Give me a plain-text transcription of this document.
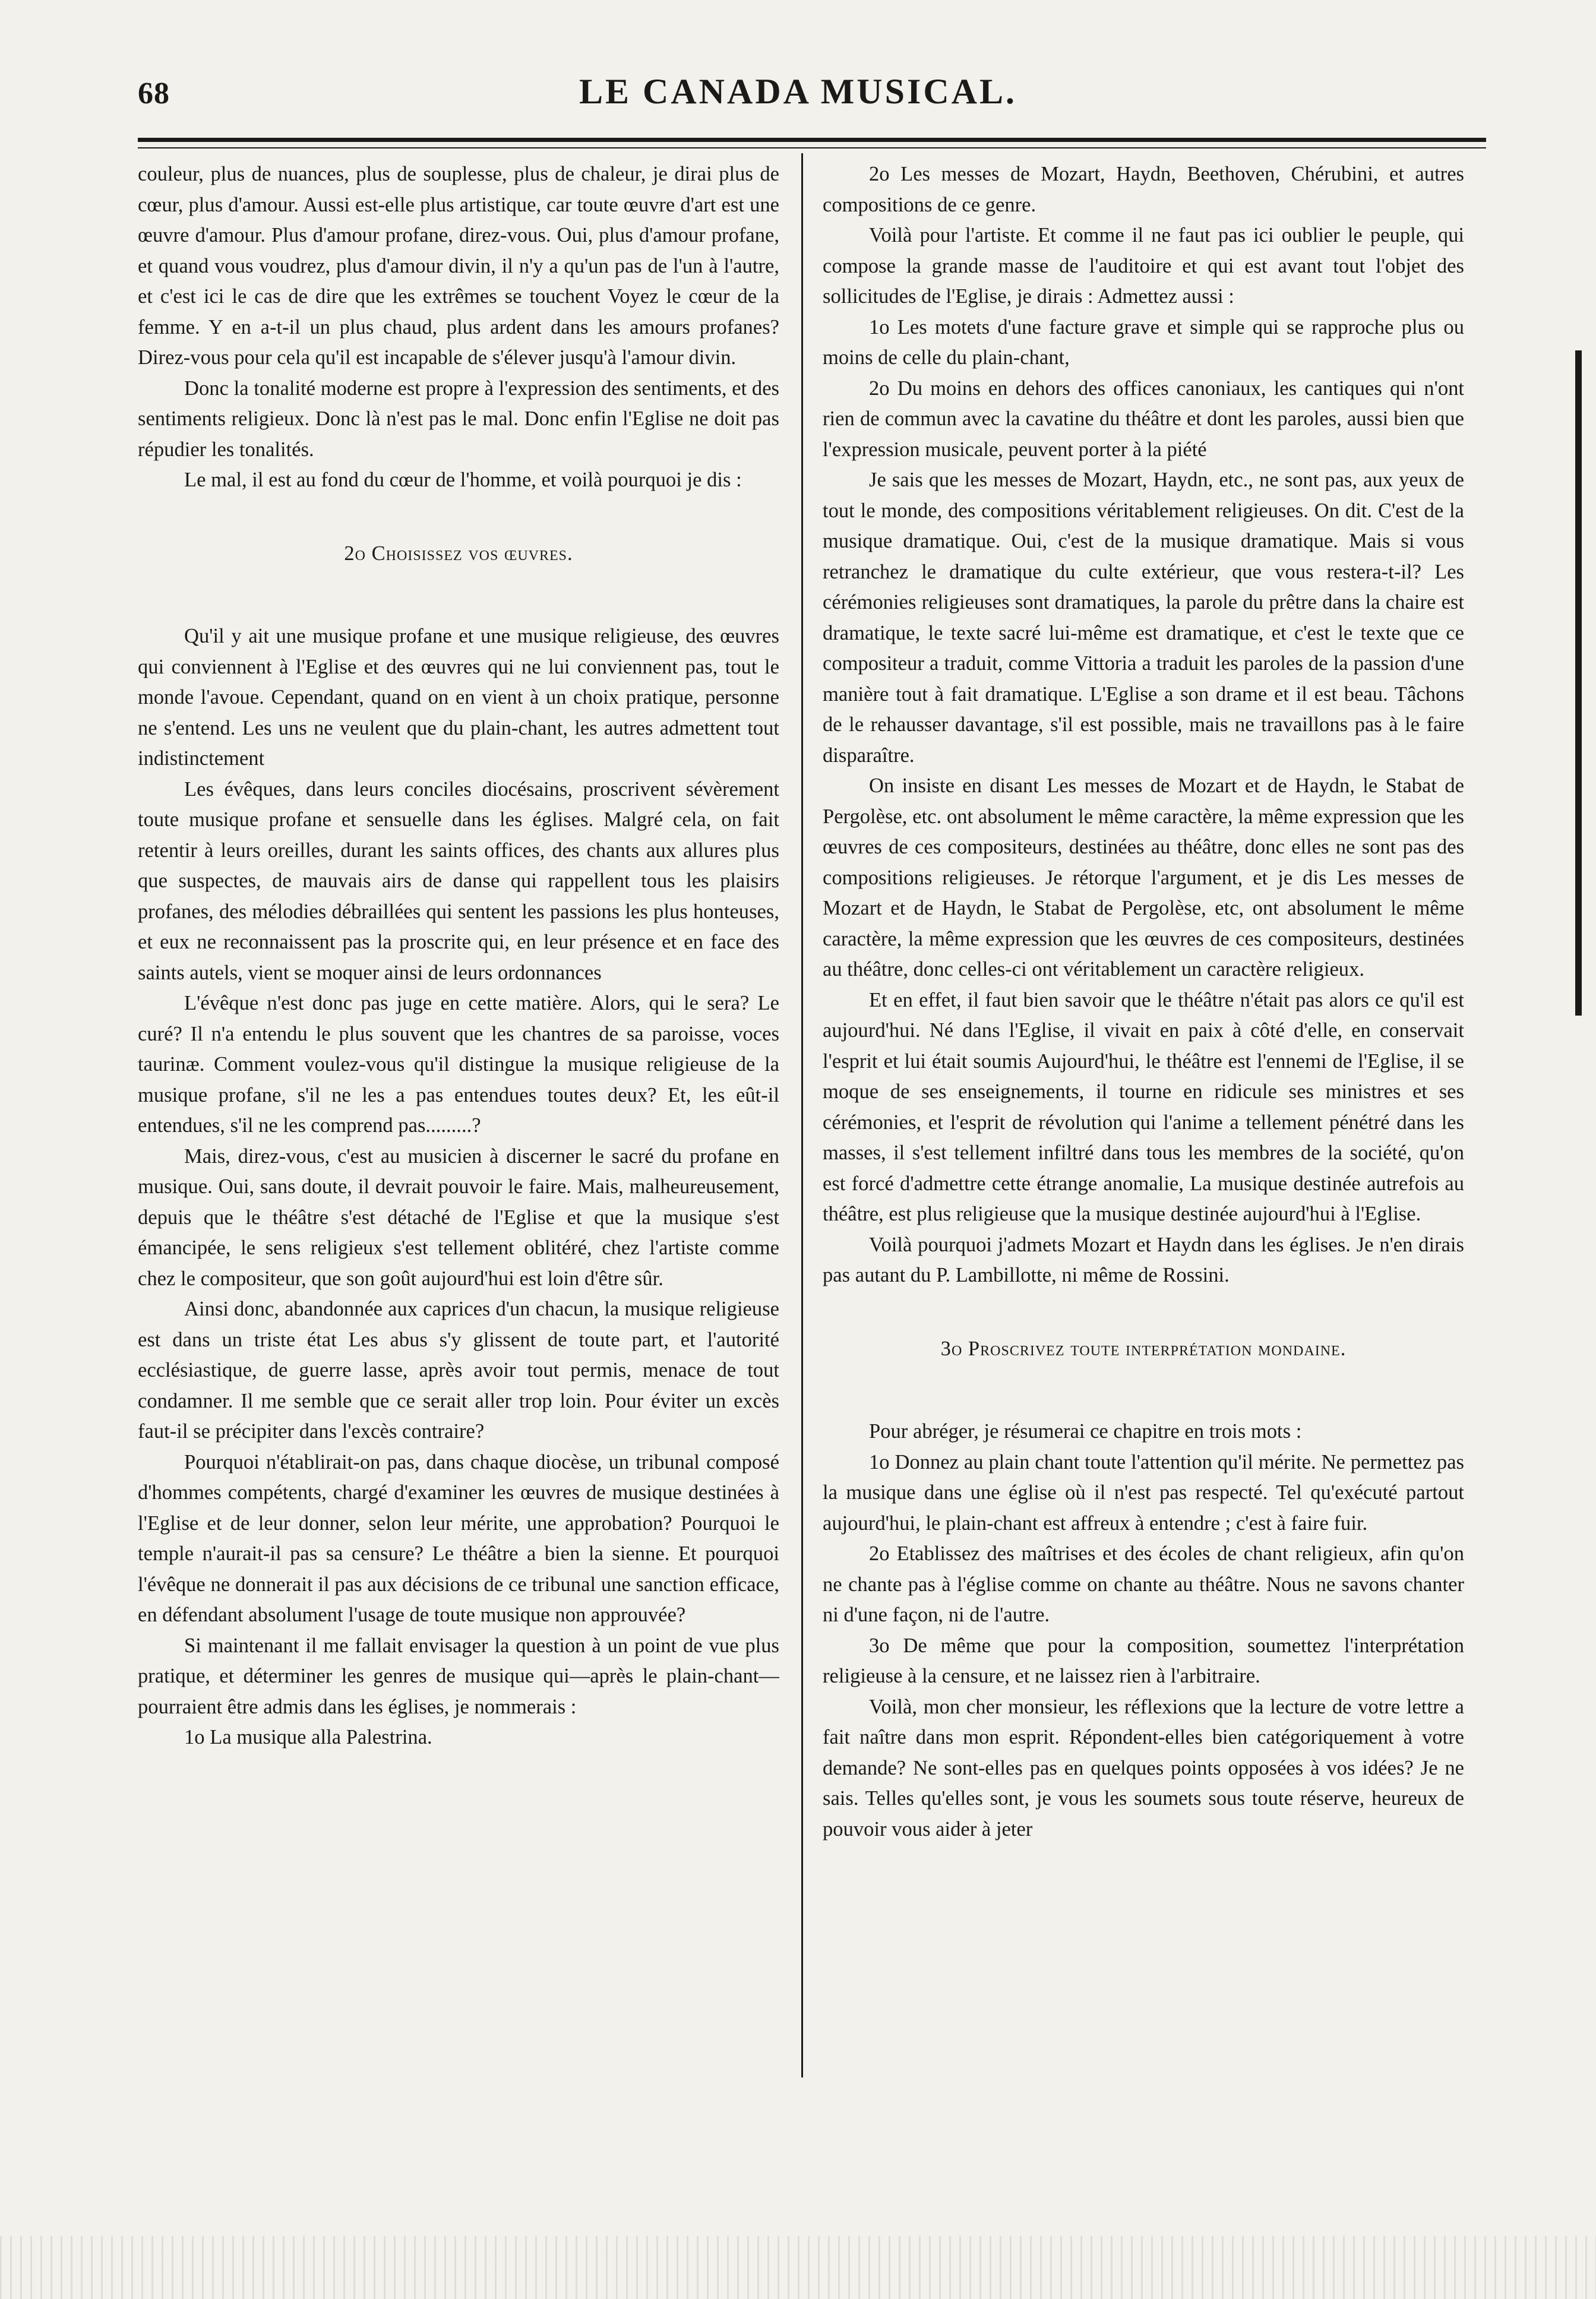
68	LE CANADA MUSICAL.

couleur, plus de nuances, plus de souplesse, plus de chaleur, je dirai plus de cœur, plus d'amour. Aussi est-elle plus artistique, car toute œuvre d'art est une œuvre d'amour. Plus d'amour profane, direz-vous. Oui, plus d'amour profane, et quand vous voudrez, plus d'amour divin, il n'y a qu'un pas de l'un à l'autre, et c'est ici le cas de dire que les extrêmes se touchent Voyez le cœur de la femme. Y en a-t-il un plus chaud, plus ardent dans les amours profanes? Direz-vous pour cela qu'il est incapable de s'élever jusqu'à l'amour divin.

Donc la tonalité moderne est propre à l'expression des sentiments, et des sentiments religieux. Donc là n'est pas le mal. Donc enfin l'Eglise ne doit pas répudier les tonalités.

Le mal, il est au fond du cœur de l'homme, et voilà pourquoi je dis :

2o Choisissez vos œuvres.

Qu'il y ait une musique profane et une musique religieuse, des œuvres qui conviennent à l'Eglise et des œuvres qui ne lui conviennent pas, tout le monde l'avoue. Cependant, quand on en vient à un choix pratique, personne ne s'entend. Les uns ne veulent que du plain-chant, les autres admettent tout indistinctement

Les évêques, dans leurs conciles diocésains, proscrivent sévèrement toute musique profane et sensuelle dans les églises. Malgré cela, on fait retentir à leurs oreilles, durant les saints offices, des chants aux allures plus que suspectes, de mauvais airs de danse qui rappellent tous les plaisirs profanes, des mélodies débraillées qui sentent les passions les plus honteuses, et eux ne reconnaissent pas la proscrite qui, en leur présence et en face des saints autels, vient se moquer ainsi de leurs ordonnances

L'évêque n'est donc pas juge en cette matière. Alors, qui le sera? Le curé? Il n'a entendu le plus souvent que les chantres de sa paroisse, voces taurinæ. Comment voulez-vous qu'il distingue la musique religieuse de la musique profane, s'il ne les a pas entendues toutes deux? Et, les eût-il entendues, s'il ne les comprend pas.........?

Mais, direz-vous, c'est au musicien à discerner le sacré du profane en musique. Oui, sans doute, il devrait pouvoir le faire. Mais, malheureusement, depuis que le théâtre s'est détaché de l'Eglise et que la musique s'est émancipée, le sens religieux s'est tellement oblitéré, chez l'artiste comme chez le compositeur, que son goût aujourd'hui est loin d'être sûr.

Ainsi donc, abandonnée aux caprices d'un chacun, la musique religieuse est dans un triste état Les abus s'y glissent de toute part, et l'autorité ecclésiastique, de guerre lasse, après avoir tout permis, menace de tout condamner. Il me semble que ce serait aller trop loin. Pour éviter un excès faut-il se précipiter dans l'excès contraire?

Pourquoi n'établirait-on pas, dans chaque diocèse, un tribunal composé d'hommes compétents, chargé d'examiner les œuvres de musique destinées à l'Eglise et de leur donner, selon leur mérite, une approbation? Pourquoi le temple n'aurait-il pas sa censure? Le théâtre a bien la sienne. Et pourquoi l'évêque ne donnerait il pas aux décisions de ce tribunal une sanction efficace, en défendant absolument l'usage de toute musique non approuvée?

Si maintenant il me fallait envisager la question à un point de vue plus pratique, et déterminer les genres de musique qui—après le plain-chant—pourraient être admis dans les églises, je nommerais :

1o La musique alla Palestrina.

2o Les messes de Mozart, Haydn, Beethoven, Chérubini, et autres compositions de ce genre.

Voilà pour l'artiste. Et comme il ne faut pas ici oublier le peuple, qui compose la grande masse de l'auditoire et qui est avant tout l'objet des sollicitudes de l'Eglise, je dirais : Admettez aussi :

1o Les motets d'une facture grave et simple qui se rapproche plus ou moins de celle du plain-chant,

2o Du moins en dehors des offices canoniaux, les cantiques qui n'ont rien de commun avec la cavatine du théâtre et dont les paroles, aussi bien que l'expression musicale, peuvent porter à la piété

Je sais que les messes de Mozart, Haydn, etc., ne sont pas, aux yeux de tout le monde, des compositions véritablement religieuses. On dit. C'est de la musique dramatique. Oui, c'est de la musique dramatique. Mais si vous retranchez le dramatique du culte extérieur, que vous restera-t-il? Les cérémonies religieuses sont dramatiques, la parole du prêtre dans la chaire est dramatique, le texte sacré lui-même est dramatique, et c'est le texte que ce compositeur a traduit, comme Vittoria a traduit les paroles de la passion d'une manière tout à fait dramatique. L'Eglise a son drame et il est beau. Tâchons de le rehausser davantage, s'il est possible, mais ne travaillons pas à le faire disparaître.

On insiste en disant Les messes de Mozart et de Haydn, le Stabat de Pergolèse, etc. ont absolument le même caractère, la même expression que les œuvres de ces compositeurs, destinées au théâtre, donc elles ne sont pas des compositions religieuses. Je rétorque l'argument, et je dis Les messes de Mozart et de Haydn, le Stabat de Pergolèse, etc, ont absolument le même caractère, la même expression que les œuvres de ces compositeurs, destinées au théâtre, donc celles-ci ont véritablement un caractère religieux.

Et en effet, il faut bien savoir que le théâtre n'était pas alors ce qu'il est aujourd'hui. Né dans l'Eglise, il vivait en paix à côté d'elle, en conservait l'esprit et lui était soumis Aujourd'hui, le théâtre est l'ennemi de l'Eglise, il se moque de ses enseignements, il tourne en ridicule ses ministres et ses cérémonies, et l'esprit de révolution qui l'anime a tellement pénétré dans les masses, il s'est tellement infiltré dans tous les membres de la société, qu'on est forcé d'admettre cette étrange anomalie, La musique destinée autrefois au théâtre, est plus religieuse que la musique destinée aujourd'hui à l'Eglise.

Voilà pourquoi j'admets Mozart et Haydn dans les églises. Je n'en dirais pas autant du P. Lambillotte, ni même de Rossini.

3o Proscrivez toute interprétation mondaine.

Pour abréger, je résumerai ce chapitre en trois mots :

1o Donnez au plain chant toute l'attention qu'il mérite. Ne permettez pas la musique dans une église où il n'est pas respecté. Tel qu'exécuté partout aujourd'hui, le plain-chant est affreux à entendre ; c'est à faire fuir.

2o Etablissez des maîtrises et des écoles de chant religieux, afin qu'on ne chante pas à l'église comme on chante au théâtre. Nous ne savons chanter ni d'une façon, ni de l'autre.

3o De même que pour la composition, soumettez l'interprétation religieuse à la censure, et ne laissez rien à l'arbitraire.

Voilà, mon cher monsieur, les réflexions que la lecture de votre lettre a fait naître dans mon esprit. Répondent-elles bien catégoriquement à votre demande? Ne sont-elles pas en quelques points opposées à vos idées? Je ne sais. Telles qu'elles sont, je vous les soumets sous toute réserve, heureux de pouvoir vous aider à jeter
